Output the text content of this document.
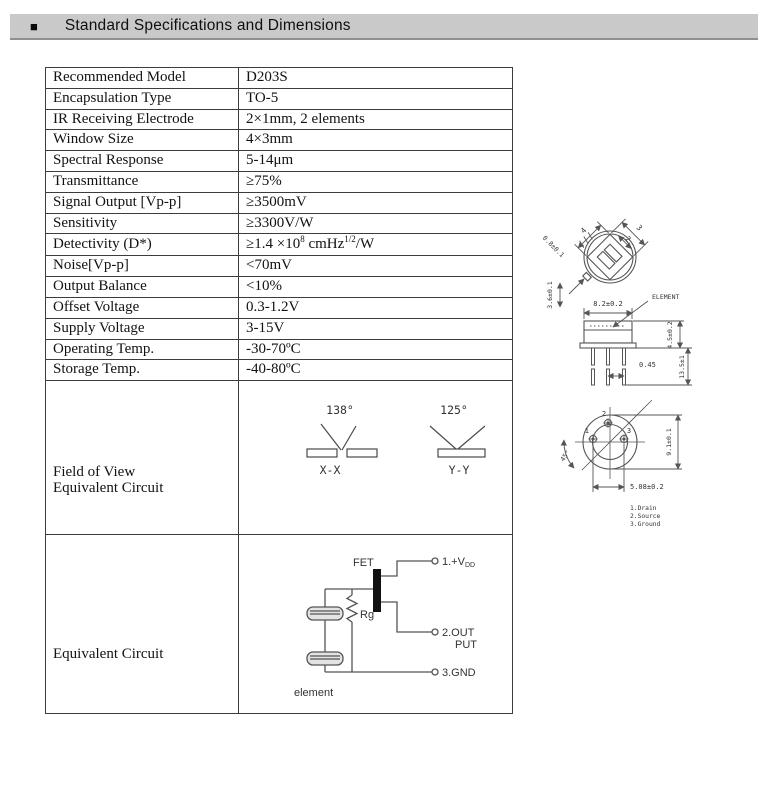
■ Standard Specifications and Dimensions
Recommended Model	D203S
Encapsulation Type	TO-5
IR Receiving Electrode	2×1mm, 2 elements
Window Size	4×3mm
Spectral Response	5-14μm
Transmittance	≥75%
Signal Output [Vp-p]	≥3500mV
Sensitivity	≥3300V/W
Detectivity (D*)	$\ge 1.4 \times 10^8$ cmHz$^{1/2}$/W
Noise[Vp-p]	<70mV
Output Balance	<10%
Offset Voltage	0.3-1.2V
Supply Voltage	3-15V
Operating Temp.	-30-70ºC
Storage Temp.	-40-80ºC

Field of View
Equivalent Circuit

138°
X-X
125°
Y-Y

Equivalent Circuit

FET
Rg
1.+VDD
2.OUT
PUT
3.GND
element
4	3
2
0.8±0.1
3.6±0.1	8.2±0.2
ELEMENT
0.45
4.5±0.2
13.5±1
1
2
3
45°
9.1±0.1
5.08±0.2
1.Drain
2.Source
3.Ground
